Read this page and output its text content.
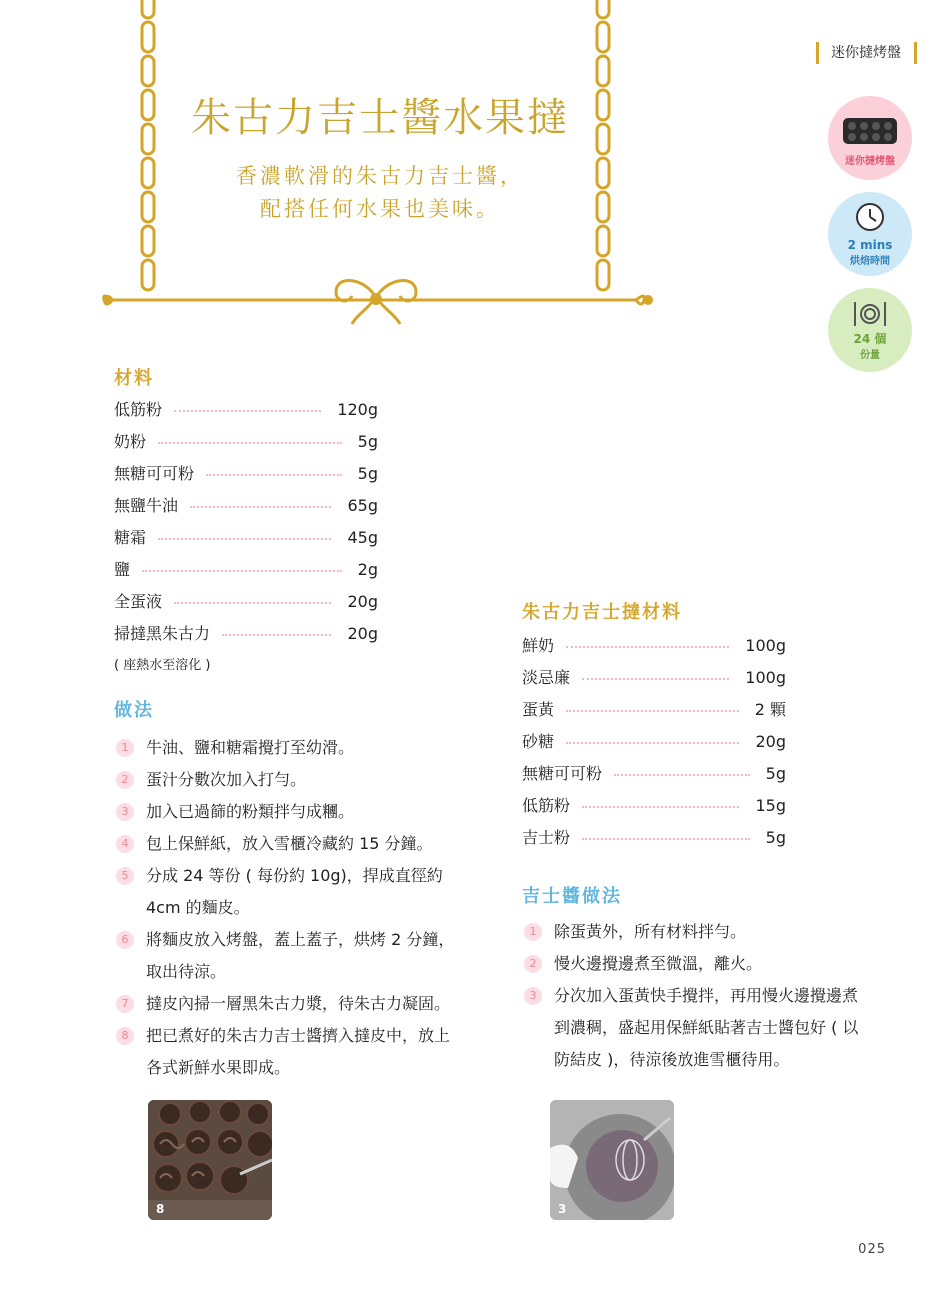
朱古力吉士醬水果撻
香濃軟滑的朱古力吉士醬，
配搭任何水果也美味。
迷你撻烤盤
迷你撻烤盤
2 mins
烘焙時間
24 個
份量
材料
低筋粉	120g
奶粉	5g
無糖可可粉	5g
無鹽牛油	65g
糖霜	45g
鹽	2g
全蛋液	20g
掃撻黑朱古力	20g
( 座熱水至溶化 )
做法
1	牛油、鹽和糖霜攪打至幼滑。
2	蛋汁分數次加入打勻。
3	加入已過篩的粉類拌勻成糰。
4	包上保鮮紙，放入雪櫃冷藏約 15 分鐘。
5	分成 24 等份 ( 每份約 10g)，捍成直徑約
4cm 的麵皮。
6	將麵皮放入烤盤，蓋上蓋子，烘烤 2 分鐘，
取出待涼。
7	撻皮內掃一層黑朱古力漿，待朱古力凝固。
8	把已煮好的朱古力吉士醬擠入撻皮中，放上
各式新鮮水果即成。
朱古力吉士撻材料
鮮奶	100g
淡忌廉	100g
蛋黃	2 顆
砂糖	20g
無糖可可粉	5g
低筋粉	15g
吉士粉	5g
吉士醬做法
1	除蛋黃外，所有材料拌勻。
2	慢火邊攪邊煮至微溫，離火。
3	分次加入蛋黃快手攪拌，再用慢火邊攪邊煮
到濃稠，盛起用保鮮紙貼著吉士醬包好 ( 以
防結皮 )，待涼後放進雪櫃待用。
8	3
025
